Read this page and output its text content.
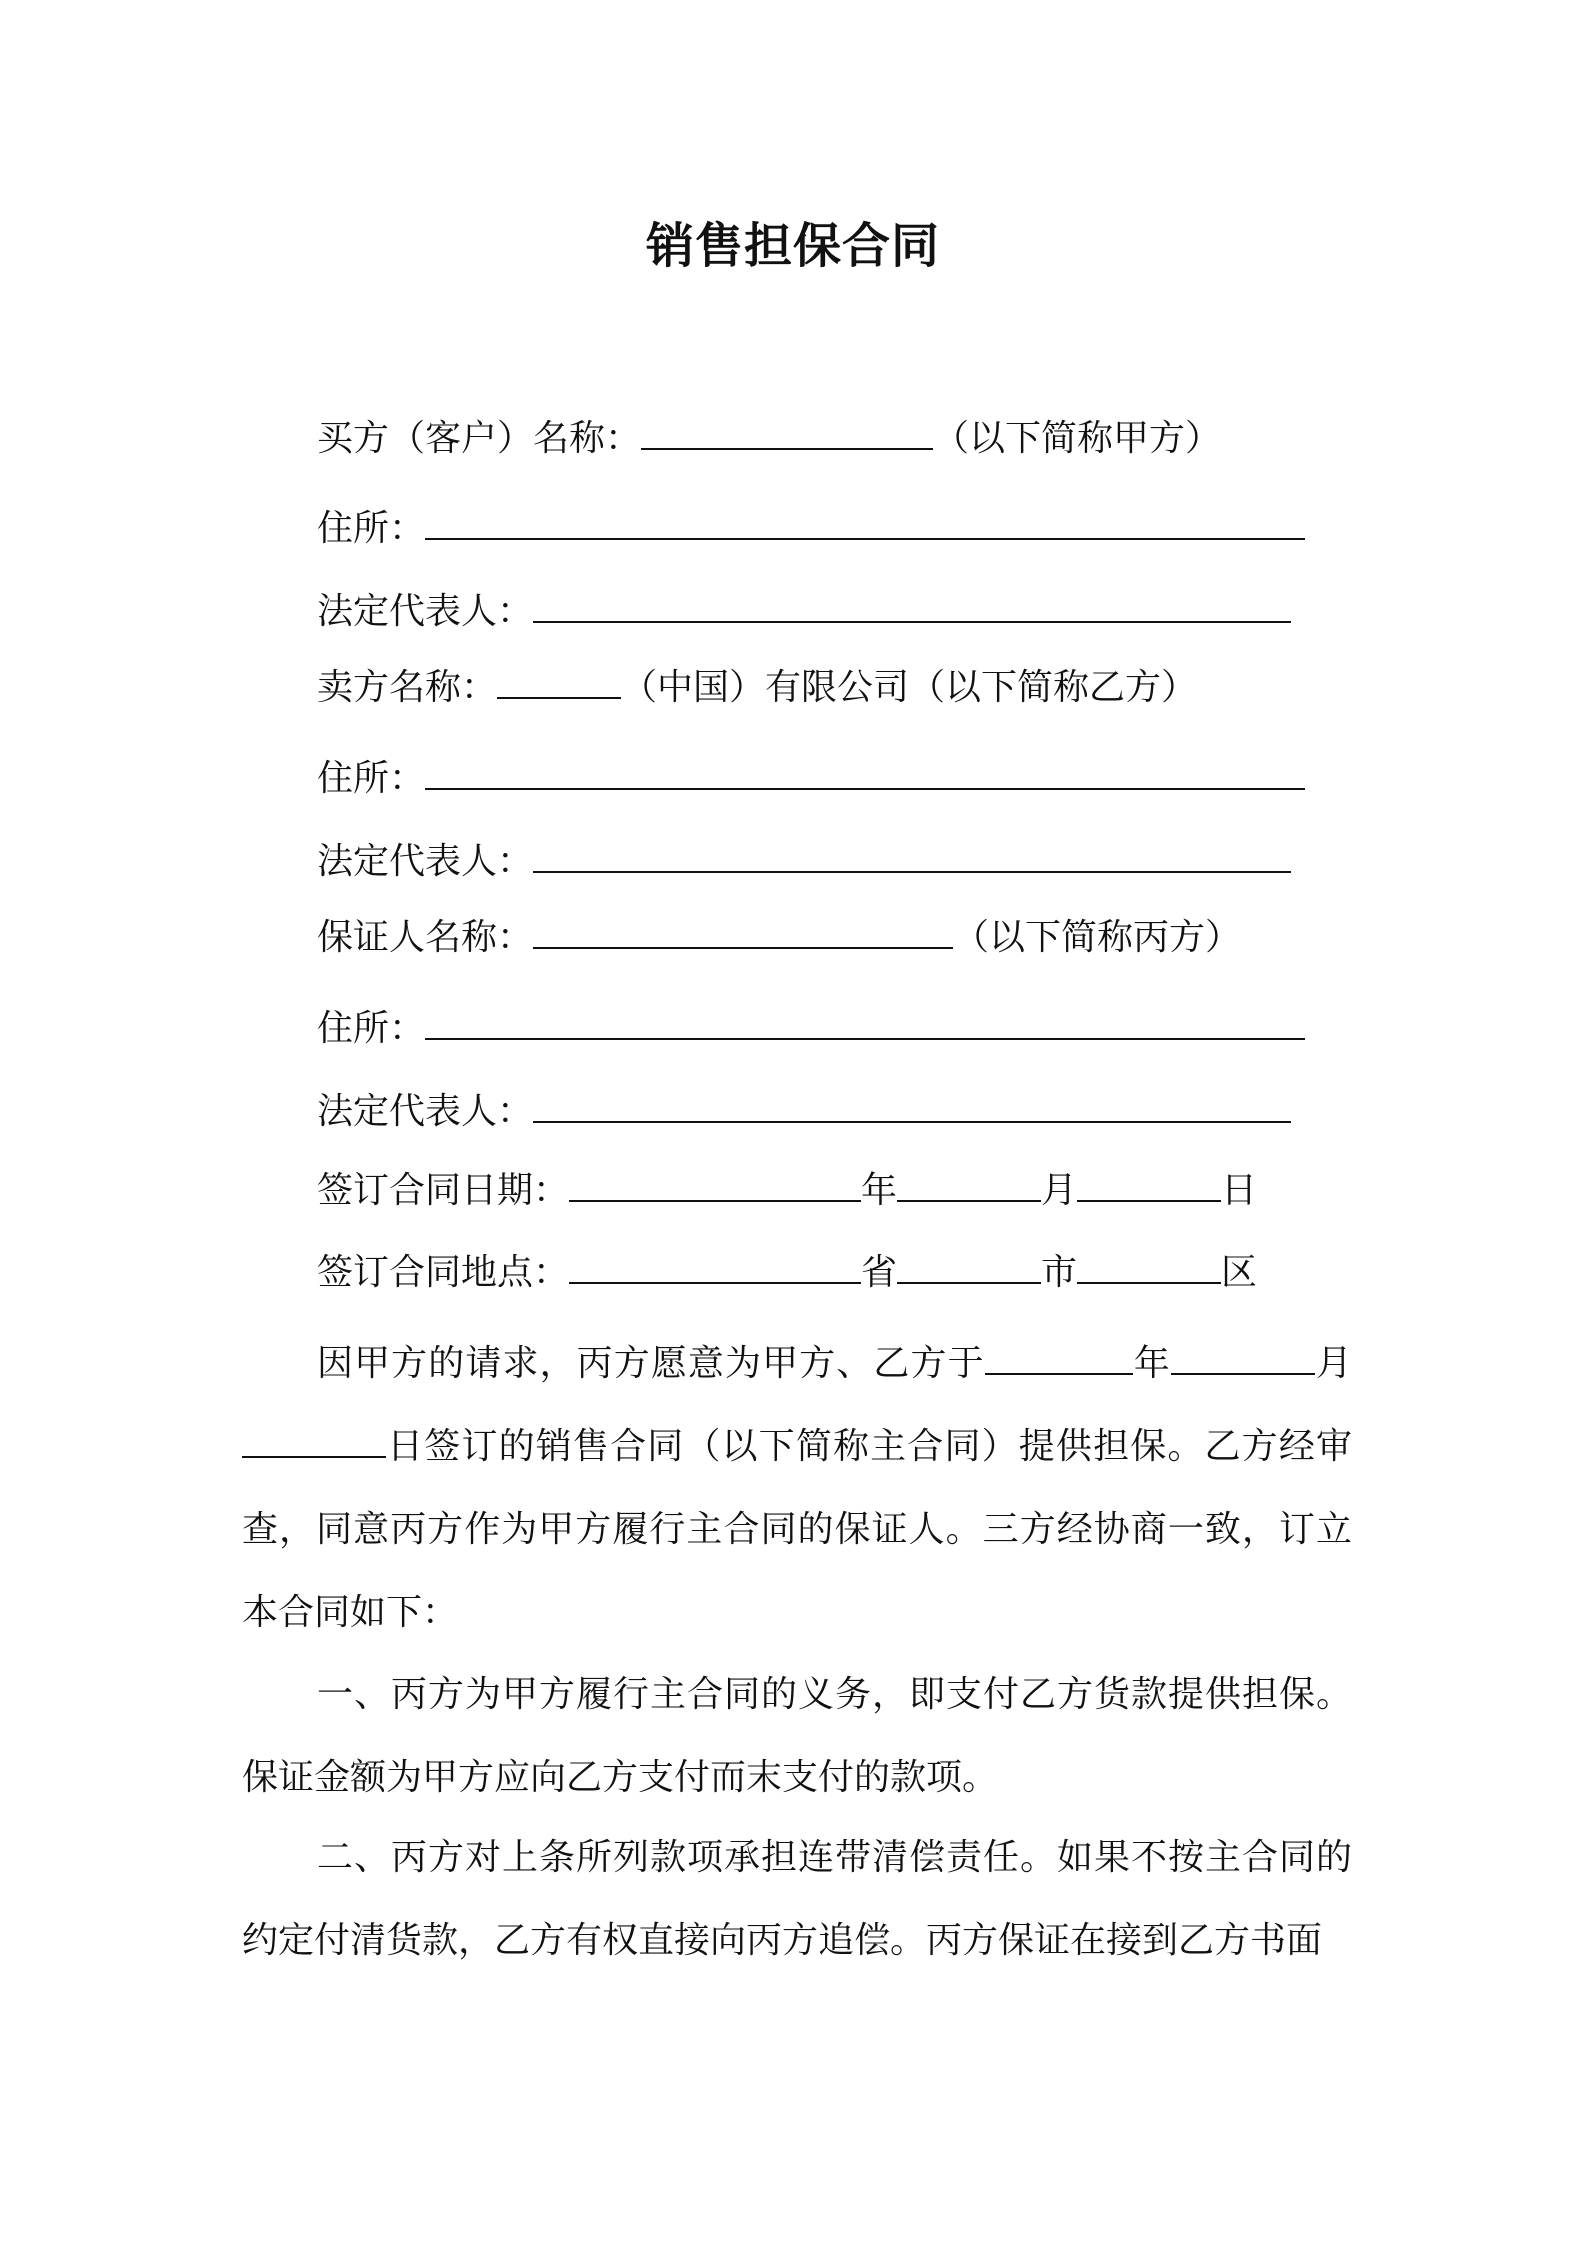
销售担保合同
买方（客户）名称：	（以下简称甲方）
住所：
法定代表人：
卖方名称：	（中国）有限公司（以下简称乙方）
住所：
法定代表人：
保证人名称：	（以下简称丙方）
住所：
法定代表人：
签订合同日期：	年	月	日
签订合同地点：	省	市	区

因甲方的请求，丙方愿意为甲方、乙方于	年	月日签订的销售合同（以下简称主合同）提供担保。乙方经审查，同意丙方作为甲方履行主合同的保证人。三方经协商一致，订立本合同如下：

一、丙方为甲方履行主合同的义务，即支付乙方货款提供担保。保证金额为甲方应向乙方支付而末支付的款项。

二、丙方对上条所列款项承担连带清偿责任。如果不按主合同的约定付清货款，乙方有权直接向丙方追偿。丙方保证在接到乙方书面
